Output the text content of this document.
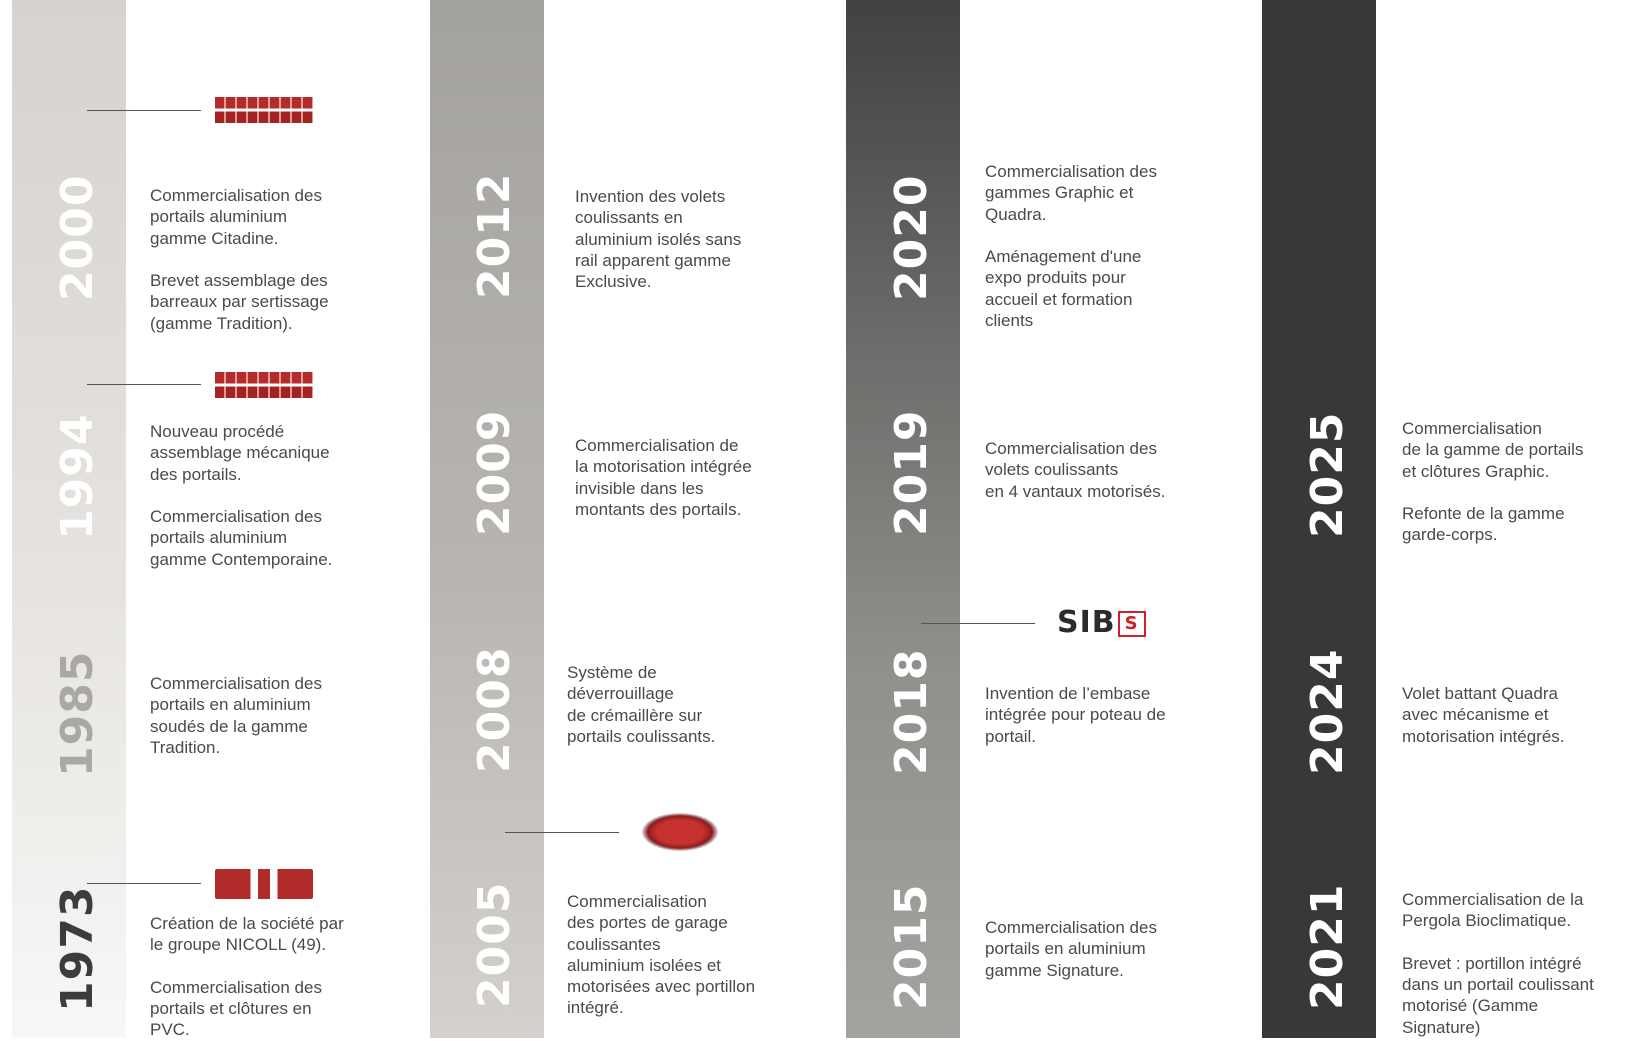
SIB S
2000	Commercialisation des
portails aluminium
gamme Citadine.

Brevet assemblage des
barreaux par sertissage
(gamme Tradition).
1994	Nouveau procédé
assemblage mécanique
des portails.

Commercialisation des
portails aluminium
gamme Contemporaine.
1985	Commercialisation des
portails en aluminium
soudés de la gamme
Tradition.
1973	Création de la société par
le groupe NICOLL (49).

Commercialisation des
portails et clôtures en
PVC.
2012	Invention des volets
coulissants en
aluminium isolés sans
rail apparent gamme
Exclusive.
2009	Commercialisation de
la motorisation intégrée
invisible dans les
montants des portails.
2008	Système de
déverrouillage
de crémaillère sur
portails coulissants.
2005	Commercialisation
des portes de garage
coulissantes
aluminium isolées et
motorisées avec portillon
intégré.
2020
Commercialisation des
gammes Graphic et
Quadra.

Aménagement d'une
expo produits pour
accueil et formation
clients
2019	Commercialisation des
volets coulissants
en 4 vantaux motorisés.
2018	Invention de l’embase
intégrée pour poteau de
portail.
2015	Commercialisation des
portails en aluminium
gamme Signature.
2025	Commercialisation
de la gamme de portails
et clôtures Graphic.

Refonte de la gamme
garde-corps.
2024	Volet battant Quadra
avec mécanisme et
motorisation intégrés.
2021	Commercialisation de la
Pergola Bioclimatique.

Brevet : portillon intégré
dans un portail coulissant
motorisé (Gamme
Signature)
